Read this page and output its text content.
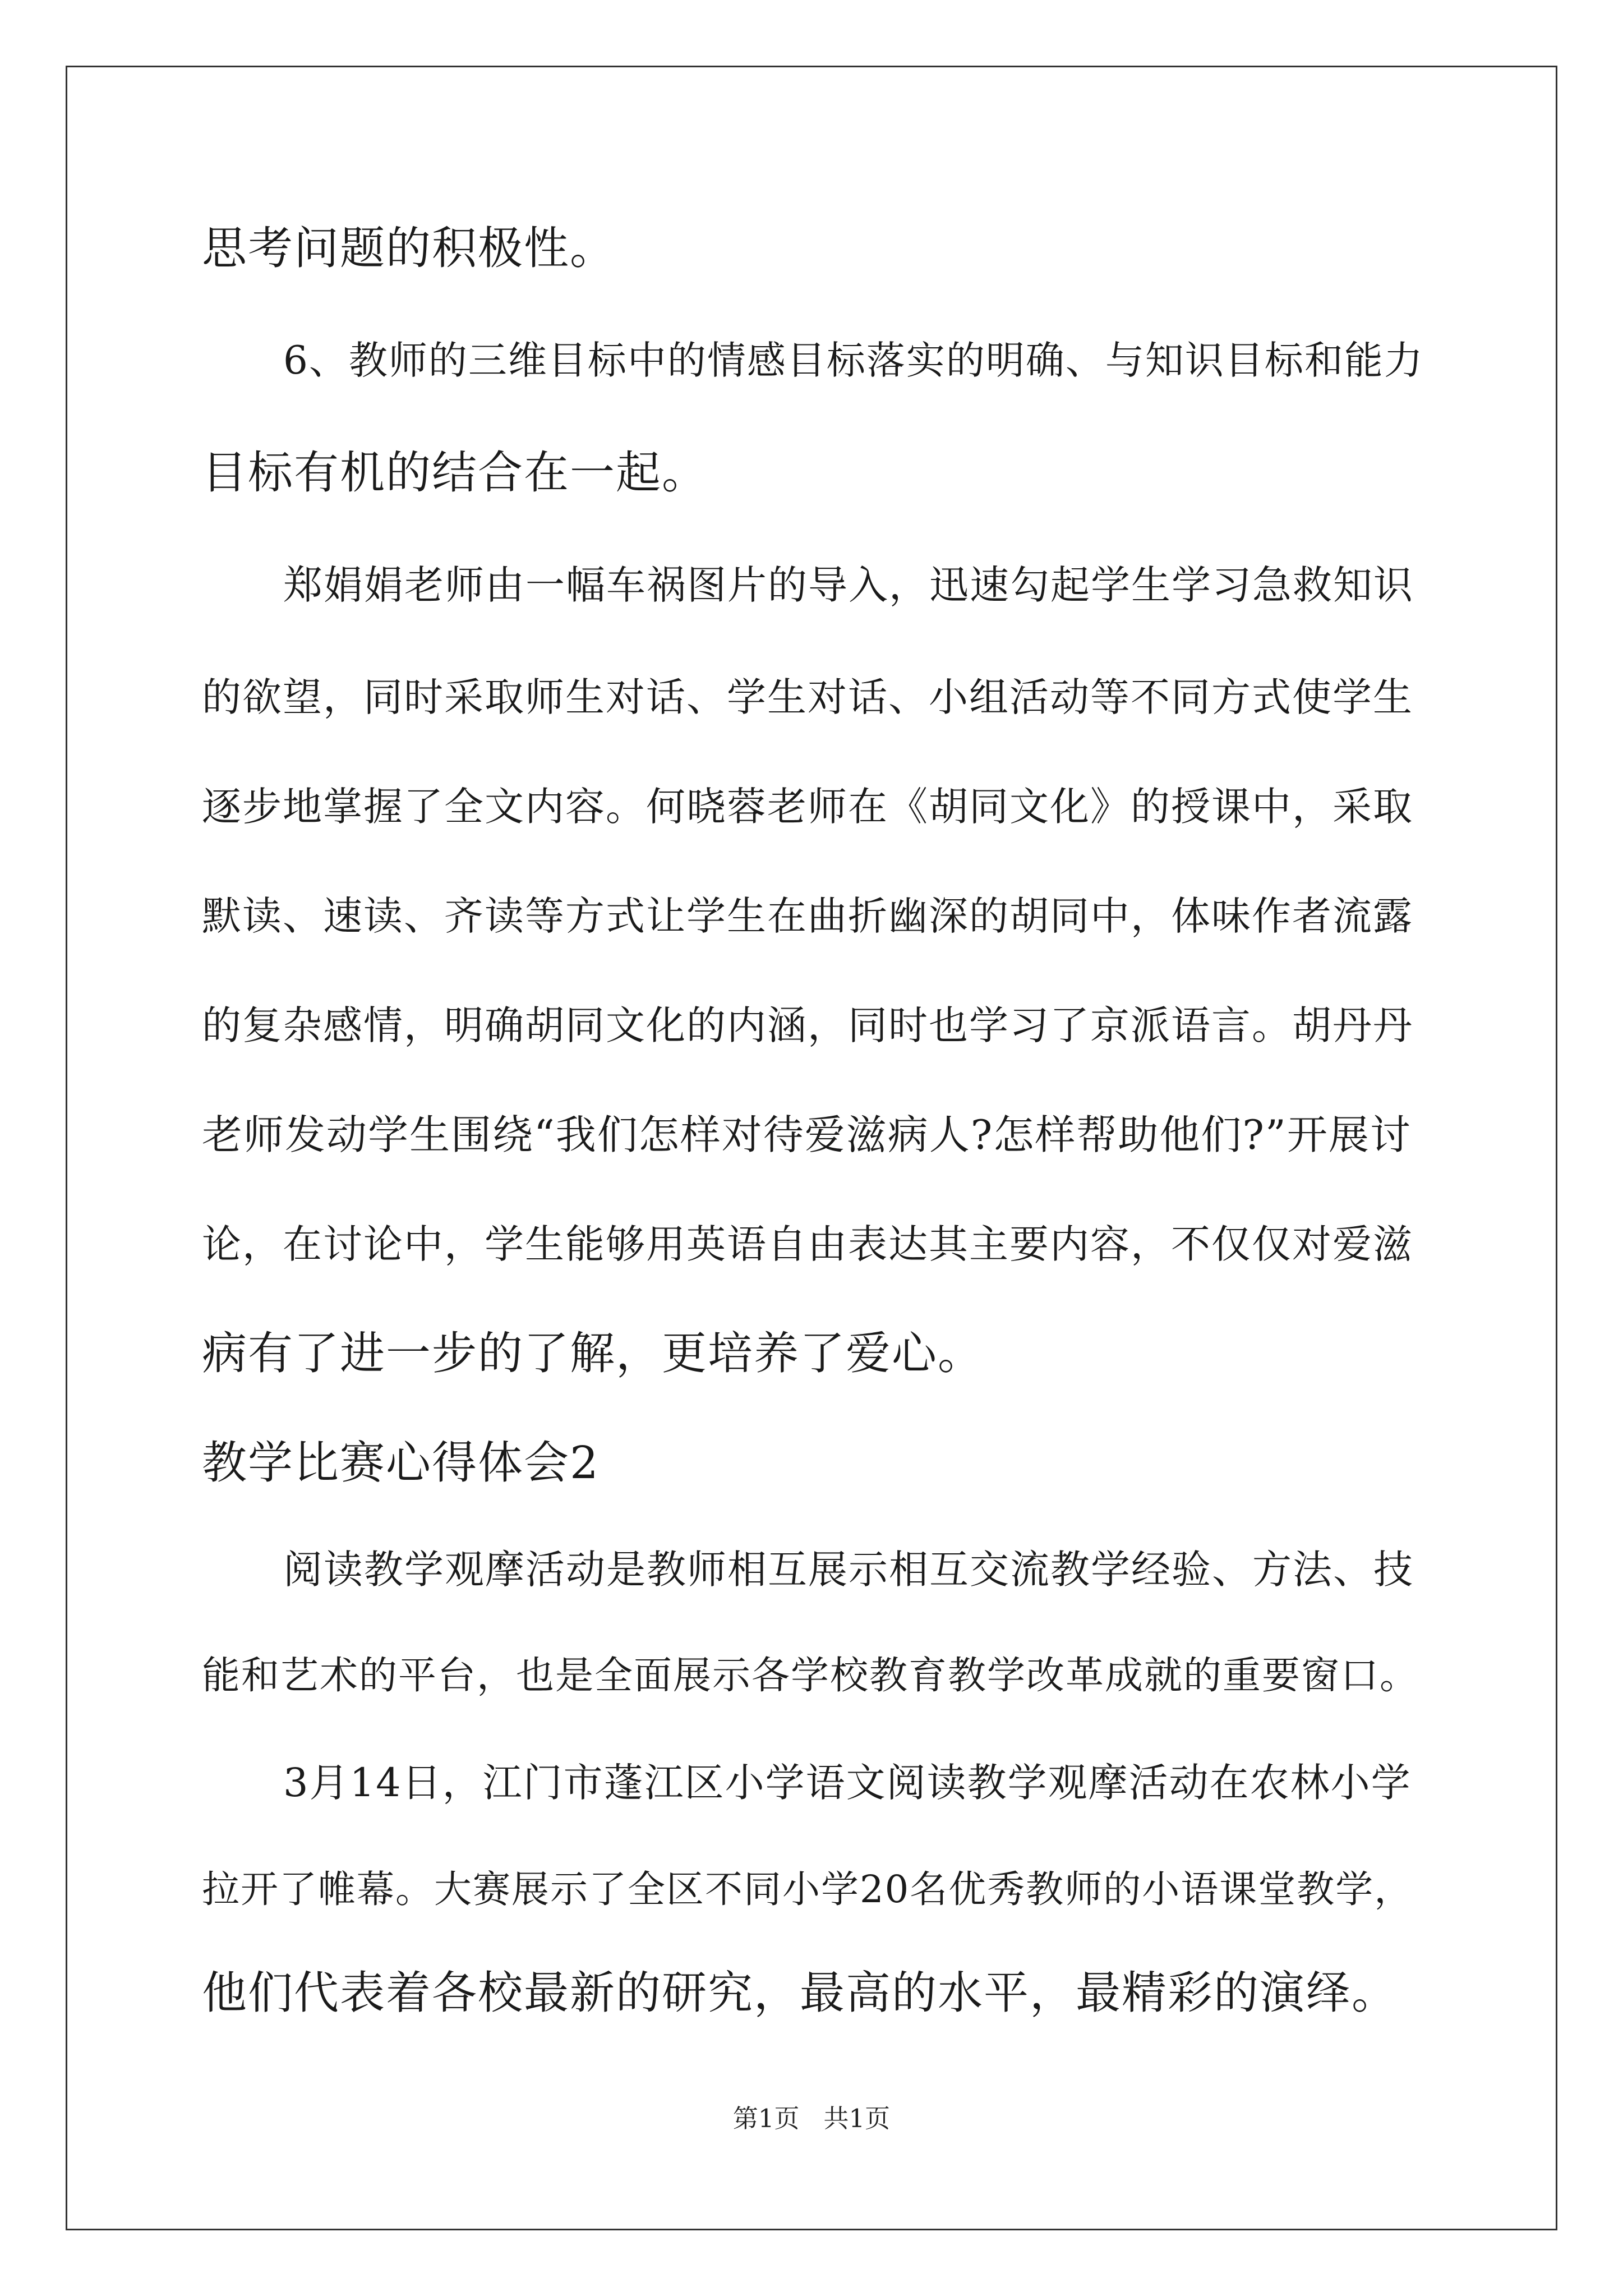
思考问题的积极性。
6、教师的三维目标中的情感目标落实的明确、与知识目标和能力
目标有机的结合在一起。
郑娟娟老师由一幅车祸图片的导入，迅速勾起学生学习急救知识
的欲望，同时采取师生对话、学生对话、小组活动等不同方式使学生
逐步地掌握了全文内容。何晓蓉老师在《胡同文化》的授课中，采取
默读、速读、齐读等方式让学生在曲折幽深的胡同中，体味作者流露
的复杂感情，明确胡同文化的内涵，同时也学习了京派语言。胡丹丹
老师发动学生围绕“我们怎样对待爱滋病人?怎样帮助他们?”开展讨
论，在讨论中，学生能够用英语自由表达其主要内容，不仅仅对爱滋
病有了进一步的了解，更培养了爱心。
教学比赛心得体会2
阅读教学观摩活动是教师相互展示相互交流教学经验、方法、技
能和艺术的平台，也是全面展示各学校教育教学改革成就的重要窗口。
3月14日，江门市蓬江区小学语文阅读教学观摩活动在农林小学
拉开了帷幕。大赛展示了全区不同小学20名优秀教师的小语课堂教学，
他们代表着各校最新的研究，最高的水平，最精彩的演绎。
第1页 共1页
